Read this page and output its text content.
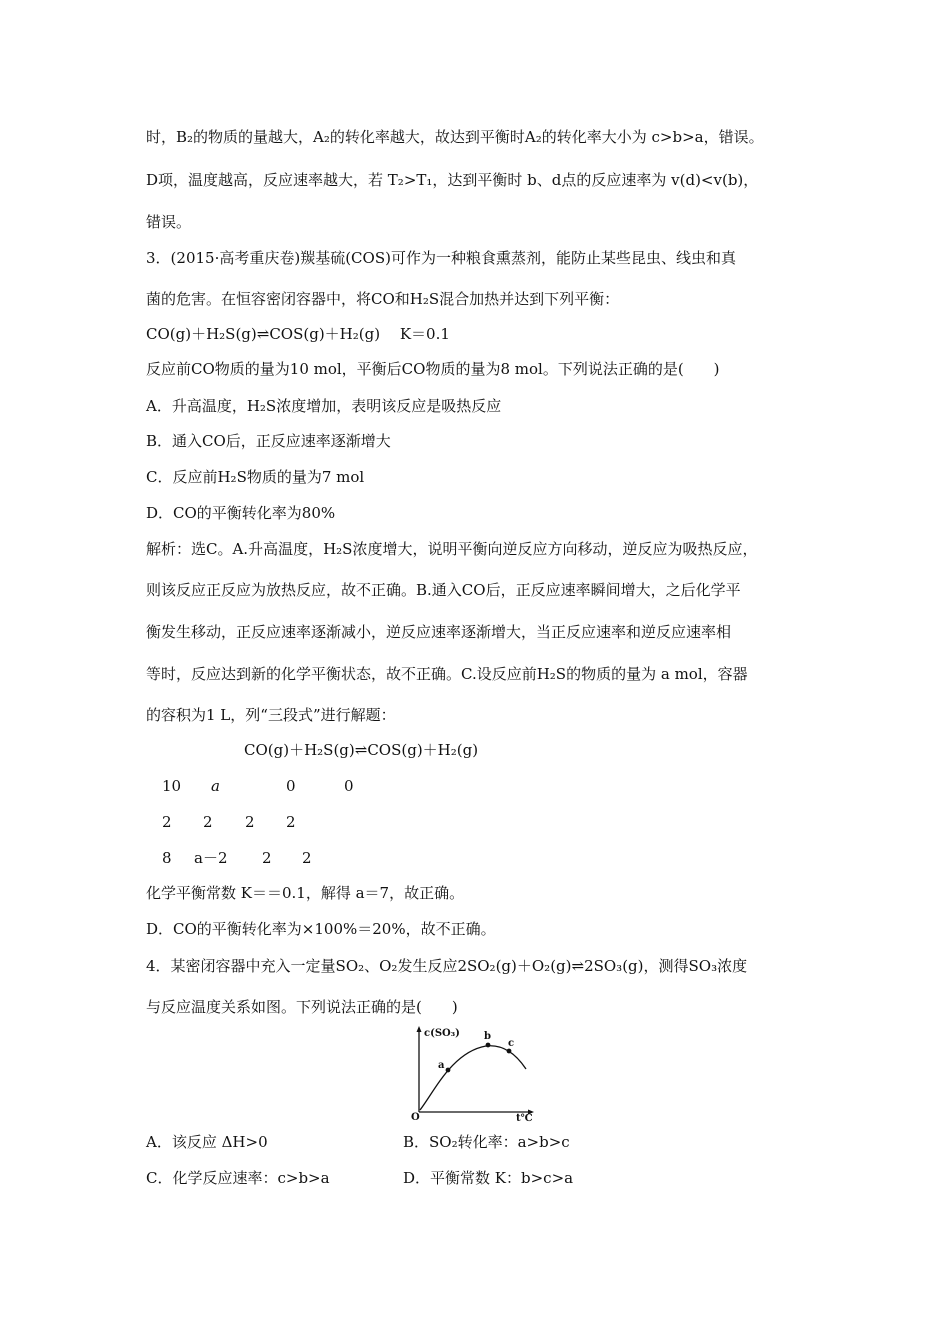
时，B₂的物质的量越大，A₂的转化率越大，故达到平衡时A₂的转化率大小为 c>b>a，错误。
D项，温度越高，反应速率越大，若 T₂>T₁，达到平衡时 b、d点的反应速率为 v(d)<v(b)，
错误。
3．(2015·高考重庆卷)羰基硫(COS)可作为一种粮食熏蒸剂，能防止某些昆虫、线虫和真
菌的危害。在恒容密闭容器中，将CO和H₂S混合加热并达到下列平衡：
CO(g)＋H₂S(g)⇌COS(g)＋H₂(g)　 K＝0.1
反应前CO物质的量为10 mol，平衡后CO物质的量为8 mol。下列说法正确的是(　　)
A．升高温度，H₂S浓度增加，表明该反应是吸热反应
B．通入CO后，正反应速率逐渐增大
C．反应前H₂S物质的量为7 mol
D．CO的平衡转化率为80%
解析：选C。A.升高温度，H₂S浓度增大，说明平衡向逆反应方向移动，逆反应为吸热反应，
则该反应正反应为放热反应，故不正确。B.通入CO后，正反应速率瞬间增大，之后化学平
衡发生移动，正反应速率逐渐减小，逆反应速率逐渐增大，当正反应速率和逆反应速率相
等时，反应达到新的化学平衡状态，故不正确。C.设反应前H₂S的物质的量为 a mol，容器
的容积为1 L，列“三段式”进行解题：
CO(g)＋H₂S(g)⇌COS(g)＋H₂(g)
10 a	0	0
2 2 2 2
8 a－2 2 2
化学平衡常数 K＝＝0.1，解得 a＝7，故正确。
D．CO的平衡转化率为×100%＝20%，故不正确。
4．某密闭容器中充入一定量SO₂、O₂发生反应2SO₂(g)＋O₂(g)⇌2SO₃(g)，测得SO₃浓度
与反应温度关系如图。下列说法正确的是(　　)
a
b
c
c(SO₃)
t℃
O
A．该反应 ΔH>0	B．SO₂转化率：a>b>c
C．化学反应速率：c>b>a	D．平衡常数 K：b>c>a
